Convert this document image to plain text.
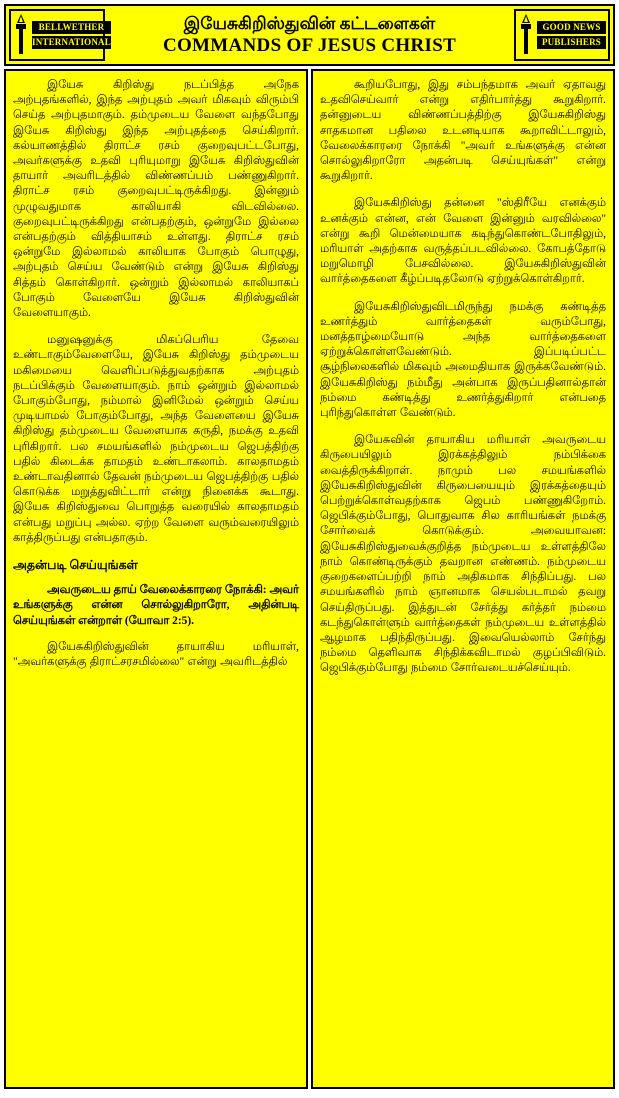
BELLWETHER
INTERNATIONAL
இயேசுகிறிஸ்துவின் கட்டளைகள்
COMMANDS OF JESUS CHRIST
GOOD NEWS
PUBLISHERS

இயேசு கிறிஸ்து நடப்பித்த அநேக அற்புதங்களில், இந்த அற்புதம் அவர் மிகவும் விரும்பி செய்த அற்புதமாகும். தம்முடைய வேளை வந்தபோது இயேசு கிறிஸ்து இந்த அற்புதத்தை செய்கிறார். கல்யாணத்தில் திராட்ச ரசம் குறைவுபட்டபோது, அவர்களுக்கு உதவி புரியுமாறு இயேசு கிறிஸ்துவின் தாயார் அவரிடத்தில் விண்ணப்பம் பண்ணுகிறார். திராட்ச ரசம் குறைவுபட்டிருக்கிறது. இன்னும் முழுவதுமாக காலியாகி விடவில்லை. குறைவுபட்டிருக்கிறது என்பதற்கும், ஒன்றுமே இல்லை என்பதற்கும் வித்தியாசம் உள்ளது. திராட்ச ரசம் ஒன்றுமே இல்லாமல் காலியாக போகும் பொழுது, அற்புதம் செய்ய வேண்டும் என்று இயேசு கிறிஸ்து சித்தம் கொள்கிறார். ஒன்றும் இல்லாமல் காலியாகப் போகும் வேளையே இயேசு கிறிஸ்துவின் வேளையாகும்.

மனுஷனுக்கு மிகப்பெரிய தேவை உண்டாகும்வேளையே, இயேசு கிறிஸ்து தம்முடைய மகிமையை வெளிப்படுத்துவதற்காக அற்புதம் நடப்பிக்கும் வேளையாகும். நாம் ஒன்றும் இல்லாமல் போகும்போது, நம்மால் இனிமேல் ஒன்றும் செய்ய முடியாமல் போகும்போது, அந்த வேளையை இயேசு கிறிஸ்து தம்முடைய வேளையாக கருதி, நமக்கு உதவி புரிகிறார். பல சமயங்களில் நம்முடைய ஜெபத்திற்கு பதில் கிடைக்க தாமதம் உண்டாகலாம். காலதாமதம் உண்டாவதினால் தேவன் நம்முடைய ஜெபத்திற்கு பதில் கொடுக்க மறுத்துவிட்டார் என்று நினைக்க கூடாது. இயேசு கிறிஸ்துவை பொறுத்த வரையில் காலதாமதம் என்பது மறுப்பு அல்ல. ஏற்ற வேளை வரும்வரையிலும் காத்திருப்பது என்பதாகும்.

அதன்படி செய்யுங்கள்

அவருடைய தாய் வேலைக்காரரை நோக்கி: அவர் உங்களுக்கு என்ன சொல்லுகிறாரோ, அதின்படி செய்யுங்கள் என்றாள் (யோவா 2:5).

இயேசுகிறிஸ்துவின் தாயாகிய மரியாள், "அவர்களுக்கு திராட்சரசமில்லை" என்று அவரிடத்தில்

கூறியபோது, இது சம்பந்தமாக அவர் ஏதாவது உதவிசெய்வார் என்று எதிர்பார்த்து கூறுகிறார். தன்னுடைய விண்ணப்பத்திற்கு இயேசுகிறிஸ்து சாதகமான பதிலை உடனடியாக கூறாவிட்டாலும், வேலைக்காரரை நோக்கி "அவர் உங்களுக்கு என்ன சொல்லுகிறாரோ அதன்படி செய்யுங்கள்" என்று கூறுகிறார்.

இயேசுகிறிஸ்து தன்னை "ஸ்திரீயே எனக்கும் உனக்கும் என்ன, என் வேளை இன்னும் வரவில்லை" என்று கூறி மென்மையாக கடிந்துகொண்டபோதிலும், மரியாள் அதற்காக வருத்தப்படவில்லை. கோபத்தோடு மறுமொழி பேசவில்லை. இயேசுகிறிஸ்துவின் வார்த்தைகளை கீழ்ப்படிதலோடு ஏற்றுக்கொள்கிறார்.

இயேசுகிறிஸ்துவிடமிருந்து நமக்கு கண்டித்த உணர்த்தும் வார்த்தைகள் வரும்போது, மனத்தாழ்மையோடு அந்த வார்த்தைகளை ஏற்றுக்கொள்ளவேண்டும். இப்படிப்பட்ட சூழ்நிலைகளில் மிகவும் அமைதியாக இருக்கவேண்டும். இயேசுகிறிஸ்து நம்மீது அன்பாக இருப்பதினால்தான் நம்மை கண்டித்து உணர்த்துகிறார் என்பதை புரிந்துகொள்ள வேண்டும்.

இயேசுவின் தாயாகிய மரியாள் அவருடைய கிருபையிலும் இரக்கத்திலும் நம்பிக்கை வைத்திருக்கிறாள். நாமும் பல சமயங்களில் இயேசுகிறிஸ்துவின் கிருபையையும் இரக்கத்தையும் பெற்றுக்கொள்வதற்காக ஜெபம் பண்ணுகிறோம். ஜெபிக்கும்போது, பொதுவாக சில காரியங்கள் நமக்கு சோர்வைக் கொடுக்கும். அவையாவன: இயேசுகிறிஸ்துவைக்குறித்த நம்முடைய உள்ளத்திலே நாம் கொண்டிருக்கும் தவறான எண்ணம். நம்முடைய குறைகளைப்பற்றி நாம் அதிகமாக சிந்திப்பது. பல சமயங்களில் நாம் ஞானமாக செயல்படாமல் தவறு செய்திருப்பது. இத்துடன் சேர்த்து கர்த்தர் நம்மை கடந்துகொள்ளும் வார்த்தைகள் நம்முடைய உள்ளத்தில் ஆழமாக பதிந்திருப்பது. இவையெல்லாம் சேர்ந்து நம்மை தெளிவாக சிந்திக்கவிடாமல் குழப்பிவிடும். ஜெபிக்கும்போது நம்மை சோர்வடையச்செய்யும்.
